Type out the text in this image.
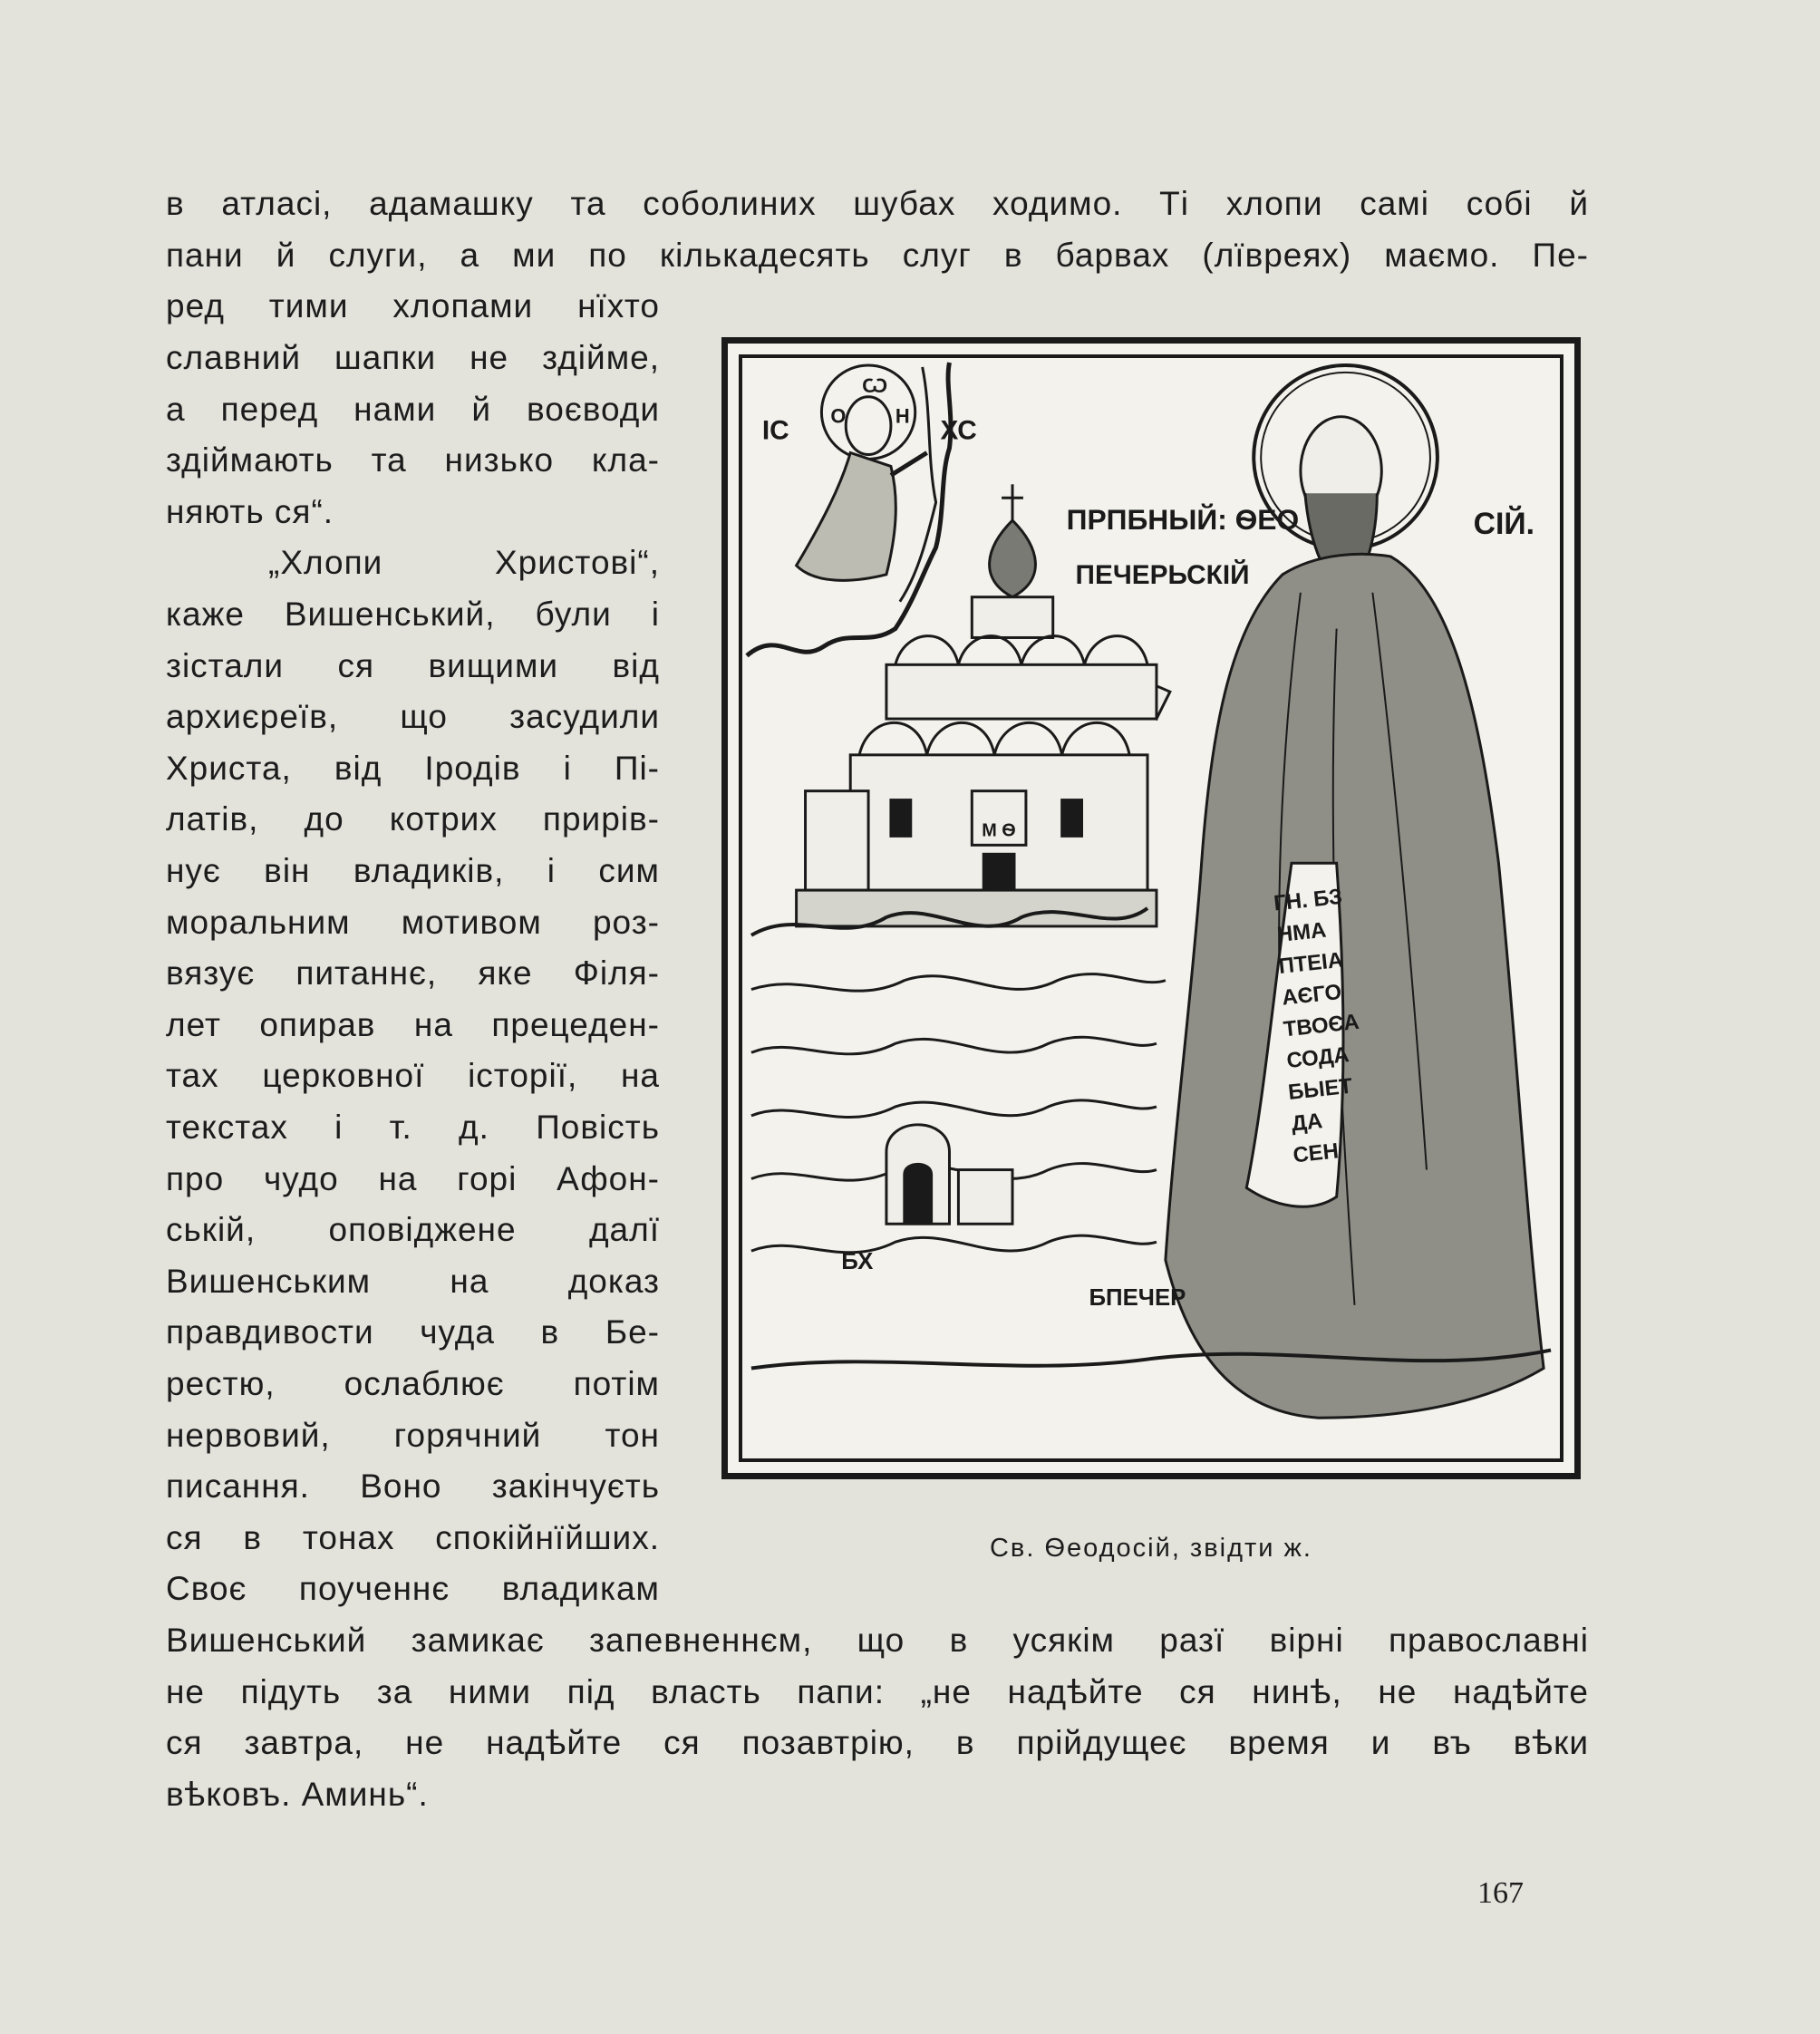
в атласі, адамашку та соболиних шубах ходимо. Ті хлопи самі собі й
пани й слуги, а ми по кількадесять слуг в барвах (лївреях) маємо. Пе-
ред тими хлопами нїхто
славний шапки не здійме,
а перед нами й воєводи
здіймають та низько кла-
няють ся“.
„Хлопи Христові“,
каже Вишенський, були і
зістали ся вищими від
архиєреїв, що засудили
Христа, від Іродів і Пі-
латів, до котрих прирів-
нує він владиків, і сим
моральним мотивом роз-
вязує питаннє, яке Філя-
лет опирав на прецеден-
тах церковної історії, на
текстах і т. д. Повість
про чудо на горі Афон-
ській, оповіджене далї
Вишенським на доказ
правдивости чуда в Бе-
рестю, ослаблює потім
нервовий, горячний тон
писання. Воно закінчуєть
ся в тонах спокійнїйших.
Своє поученнє владикам
Вишенський замикає запевненнєм, що в усякім разї вірні православні
не підуть за ними під власть папи: „не надѣйте ся нинѣ, не надѣйте
ся завтра, не надѣйте ся позавтрію, в прійдущеє время и въ вѣки
вѣковъ. Аминь“.
ІС	ХС
Ѡ
О Н
ПРПБНЫЙ: ѲЕО
ПЕЧЕРЬСКІЙ
СІЙ.
М Ѳ
БХ
БПЕЧЕР
ГН. БЗ
НМА
ПТЕІА
АЄГО
ТВОЄА
СОДА
БЫЕТ
ДА
СЕН
Св. Ѳеодосій, звідти ж.
167
